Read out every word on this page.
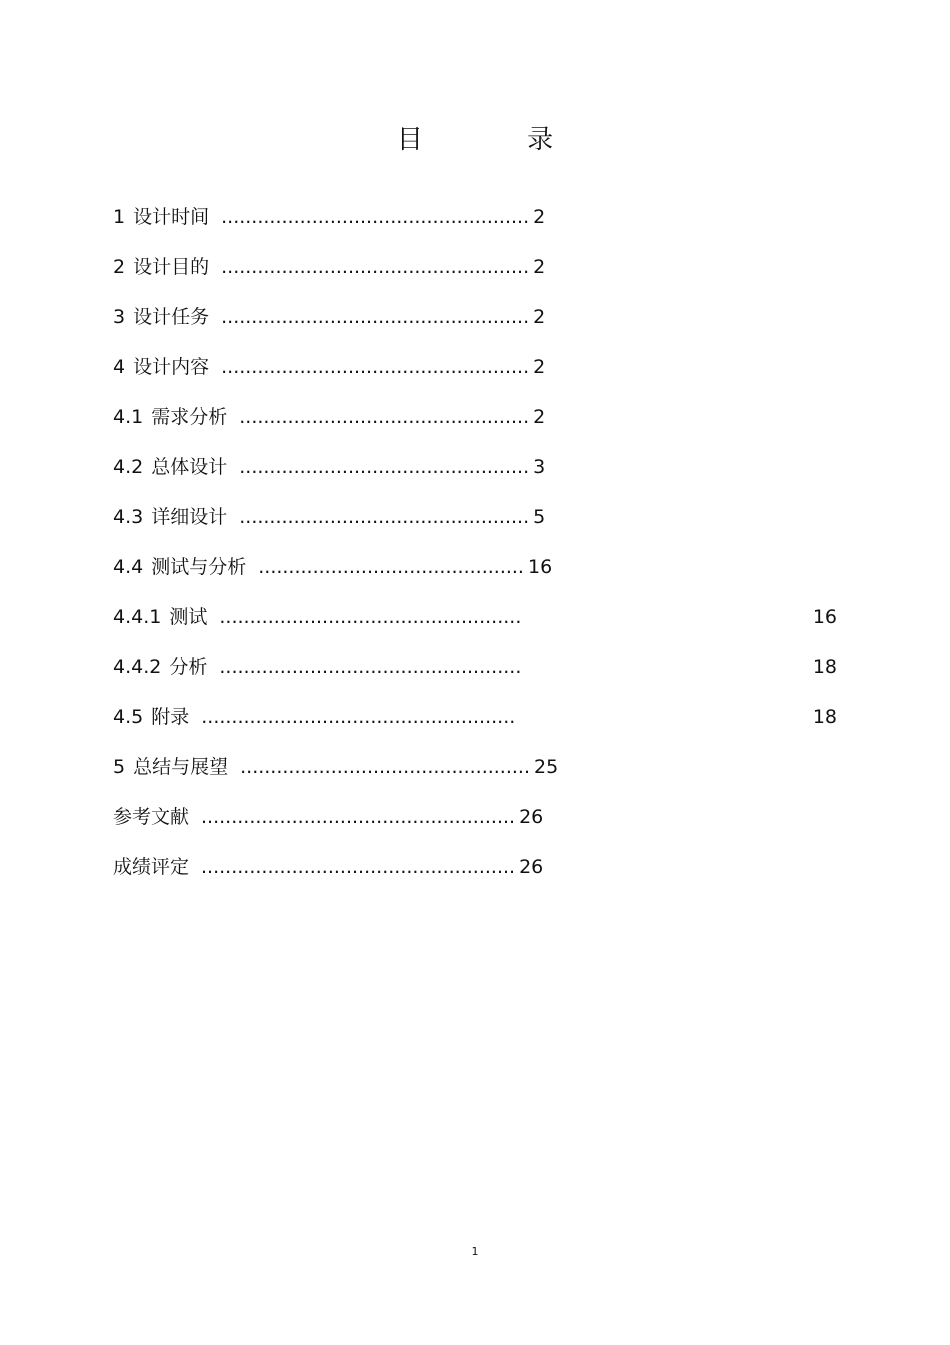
目 录
1 设计时间 ................................................... 2
2 设计目的 ................................................... 2
3 设计任务 ................................................... 2
4 设计内容 ................................................... 2
4.1 需求分析 ................................................ 2
4.2 总体设计 ................................................ 3
4.3 详细设计 ................................................ 5
4.4 测试与分析 ............................................ 16
4.4.1 测试 ..................................................	16
4.4.2 分析 ..................................................	18
4.5 附录 ....................................................	18
5 总结与展望 ................................................ 25
参考文献 .................................................... 26
成绩评定 .................................................... 26
1
